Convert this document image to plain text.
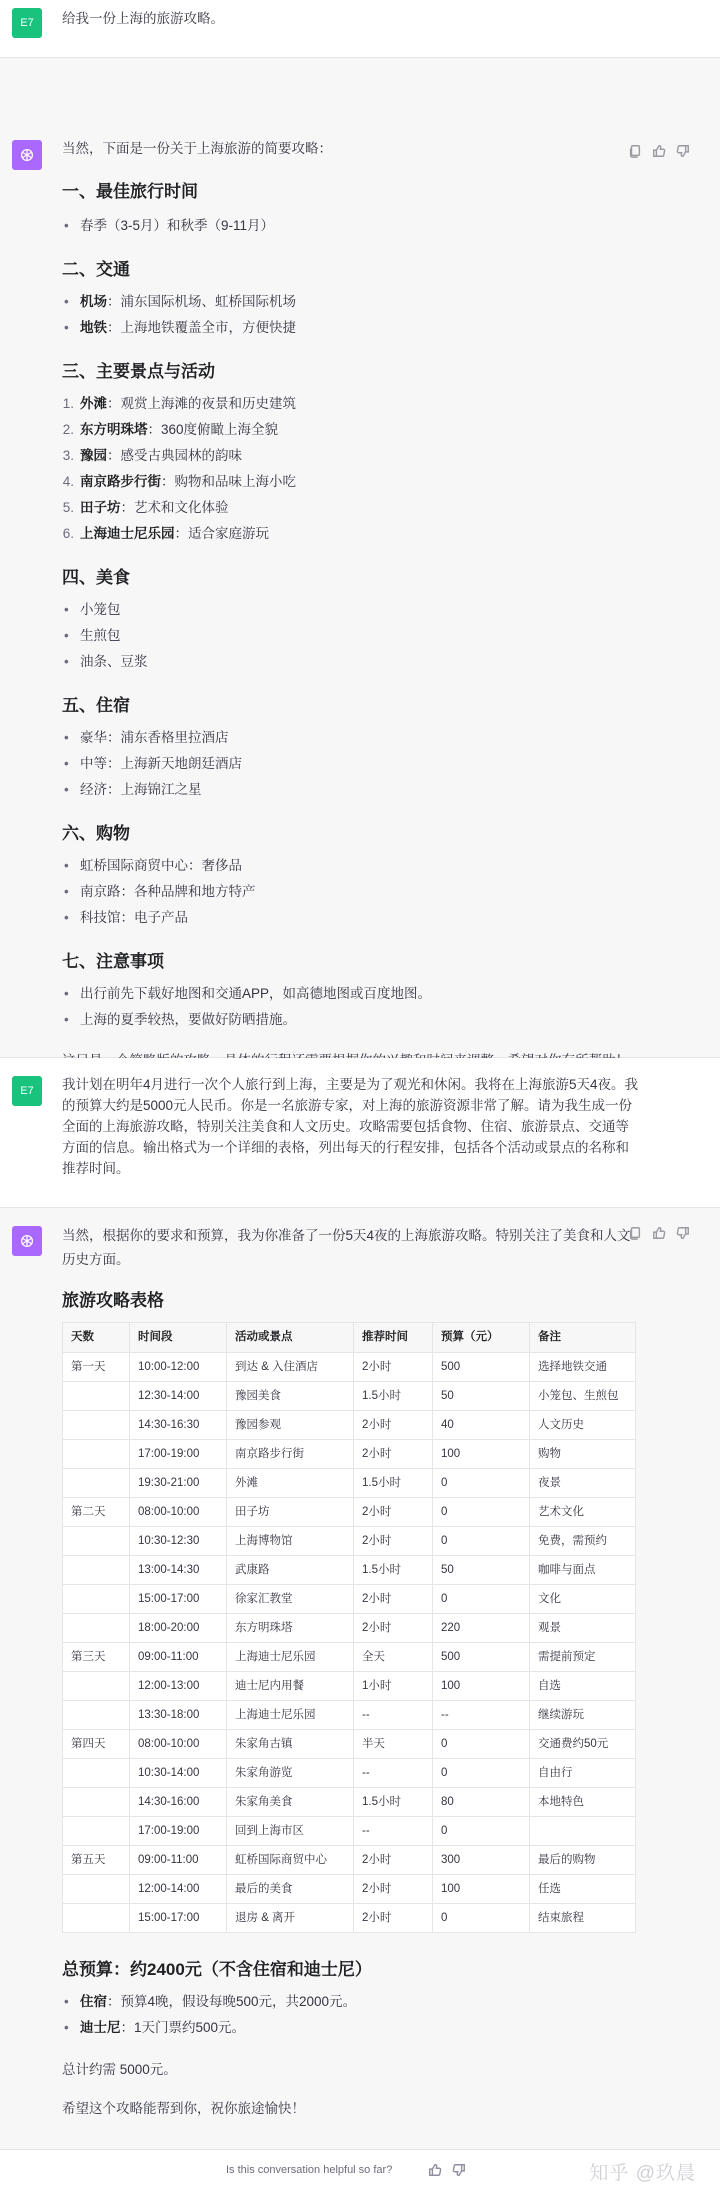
E7	给我一份上海的旅游攻略。
当然，下面是一份关于上海旅游的简要攻略：
一、最佳旅行时间
• 春季（3-5月）和秋季（9-11月）
二、交通
• 机场：浦东国际机场、虹桥国际机场
• 地铁：上海地铁覆盖全市，方便快捷
三、主要景点与活动
1. 外滩：观赏上海滩的夜景和历史建筑
2. 东方明珠塔：360度俯瞰上海全貌
3. 豫园：感受古典园林的韵味
4. 南京路步行街：购物和品味上海小吃
5. 田子坊：艺术和文化体验
6. 上海迪士尼乐园：适合家庭游玩
四、美食
• 小笼包
• 生煎包
• 油条、豆浆
五、住宿
• 豪华：浦东香格里拉酒店
• 中等：上海新天地朗廷酒店
• 经济：上海锦江之星
六、购物
• 虹桥国际商贸中心：奢侈品
• 南京路：各种品牌和地方特产
• 科技馆：电子产品
七、注意事项
• 出行前先下载好地图和交通APP，如高德地图或百度地图。
• 上海的夏季较热，要做好防晒措施。
E7	我计划在明年4月进行一次个人旅行到上海，主要是为了观光和休闲。我将在上海旅游5天4夜。我的预算大约是5000元人民币。你是一名旅游专家，对上海的旅游资源非常了解。请为我生成一份全面的上海旅游攻略，特别关注美食和人文历史。攻略需要包括食物、住宿、旅游景点、交通等方面的信息。输出格式为一个详细的表格，列出每天的行程安排，包括各个活动或景点的名称和推荐时间。
当然，根据你的要求和预算，我为你准备了一份5天4夜的上海旅游攻略。特别关注了美食和人文历史方面。
旅游攻略表格
天数	时间段	活动或景点	推荐时间	预算（元）	备注
第一天	10:00-12:00	到达 & 入住酒店	2小时	500	选择地铁交通
	12:30-14:00	豫园美食	1.5小时	50	小笼包、生煎包
	14:30-16:30	豫园参观	2小时	40	人文历史
	17:00-19:00	南京路步行街	2小时	100	购物
	19:30-21:00	外滩	1.5小时	0	夜景
第二天	08:00-10:00	田子坊	2小时	0	艺术文化
	10:30-12:30	上海博物馆	2小时	0	免费，需预约
	13:00-14:30	武康路	1.5小时	50	咖啡与面点
	15:00-17:00	徐家汇教堂	2小时	0	文化
	18:00-20:00	东方明珠塔	2小时	220	观景
第三天	09:00-11:00	上海迪士尼乐园	全天	500	需提前预定
	12:00-13:00	迪士尼内用餐	1小时	100	自选
	13:30-18:00	上海迪士尼乐园	--	--	继续游玩
第四天	08:00-10:00	朱家角古镇	半天	0	交通费约50元
	10:30-14:00	朱家角游览	--	0	自由行
	14:30-16:00	朱家角美食	1.5小时	80	本地特色
	17:00-19:00	回到上海市区	--	0	
第五天	09:00-11:00	虹桥国际商贸中心	2小时	300	最后的购物
	12:00-14:00	最后的美食	2小时	100	任选
	15:00-17:00	退房 & 离开	2小时	0	结束旅程
总预算：约2400元（不含住宿和迪士尼）
• 住宿：预算4晚，假设每晚500元，共2000元。
• 迪士尼：1天门票约500元。
总计约需 5000元。
希望这个攻略能帮到你，祝你旅途愉快！
Is this conversation helpful so far?	知乎 @玖晨
